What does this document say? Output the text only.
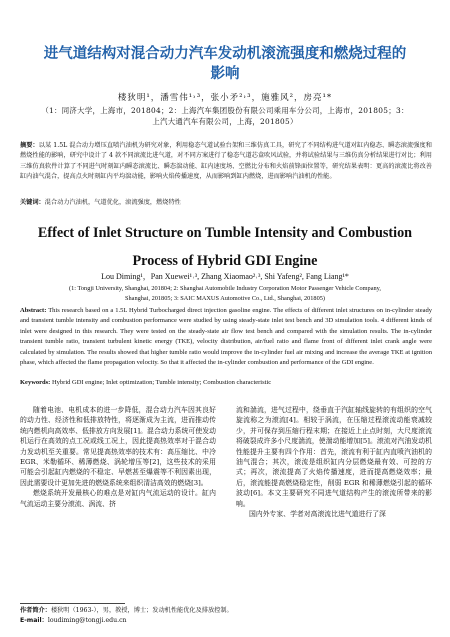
进气道结构对混合动力汽车发动机滚流强度和燃烧过程的
影响
楼狄明¹，潘雪伟¹˒³，张小矛²˒³，施雅风²，房亮¹*
（1：同济大学，上海市，201804；2：上海汽车集团股份有限公司乘用车分公司，上海市，201805；3：
上汽大通汽车有限公司，上海，201805）
摘要：以某 1.5L 混合动力增压直喷汽油机为研究对象，利用稳态气道试验台架和三维仿真工具，研究了不同结构进气道对缸内稳态、瞬态滚流强度和燃烧性能的影响，研究中设计了 4 款不同滚流比进气道，对不同方案进行了稳态气道芯盒吹风试验，并将试验结果与三维仿真分析结果进行对比；利用三维仿真软件计算了不同进气时刻缸内瞬态滚流比、瞬态湍动能、缸内速度场、空燃比分布和火焰前锋面位置等，研究结果表明：更高的滚流比将改善缸内油气混合，提高点火时刻缸内平均湍动能，影响火焰传播速度，从而影响到缸内燃烧，进而影响汽油机的性能。
关键词：混合动力汽油机，气道优化，滚流强度，燃烧特性
Effect of Inlet Structure on Tumble Intensity and Combustion
Process of Hybrid GDI Engine
Lou Diming¹，Pan Xuewei¹˒³, Zhang Xiaomao²˒³, Shi Yafeng², Fang Liang¹*
(1: Tongji University, Shanghai, 201804; 2: Shanghai Automobile Industry Corporation Motor Passenger Vehicle Company,
Shanghai, 201805; 3: SAIC MAXUS Automotive Co., Ltd., Shanghai, 201805)
Abstract: This research based on a 1.5L Hybrid Turbocharged direct injection gasoline engine. The effects of different inlet structures on in-cylinder steady and transient tumble intensity and combustion performance were studied by using steady-state inlet test bench and 3D simulation tools. 4 different kinds of inlet were designed in this research. They were tested on the steady-state air flow test bench and compared with the simulation results. The in-cylinder transient tumble ratio, transient turbulent kinetic energy (TKE), velocity distribution, air/fuel ratio and flame front of different inlet crank angle were calculated by simulation. The results showed that higher tumble ratio would improve the in-cylinder fuel air mixing and increase the average TKE at ignition phase, which affected the flame propagation velocity. So that it affected the in-cylinder combustion and performance of the GDI engine.
Keywords: Hybrid GDI engine; Inlet optimization; Tumble intensity; Combustion characteristic

随着电池、电机成本的进一步降低，混合动力汽车因其良好的动力性、经济性和低排放特性，将逐渐成为主流，进而推动传统内燃机向高效率、低排放方向发展[1]。混合动力系统可使发动机运行在高效的点工况或线工况上，因此提高热效率对于混合动力发动机至关重要。常见提高热效率的技术有：高压缩比、中冷 EGR、米勒循环、稀薄燃烧、涡轮增压等[2]，这些技术的采用可能会引起缸内燃烧的不稳定、早燃甚至爆震等不利因素出现，因此需要设计更加先进的燃烧系统来组织清洁高效的燃烧[3]。

燃烧系统开发最核心的难点是对缸内气流运动的设计。缸内气流运动主要分滚流、涡流、挤

流和湍流，进气过程中，绕垂直于汽缸轴线旋转的有组织的空气旋流称之为滚流[4]。相较于涡流，在压缩过程滚流动能衰减较少，并可保存到压缩行程末期；在接近上止点时刻，大尺度滚流将破裂成许多小尺度湍流，使湍动能增加[5]。滚流对汽油发动机性能提升主要有四个作用：首先，滚流有利于缸内直喷汽油机的油气混合；其次，滚流是组织缸内分层燃烧最有效、可控的方式；再次，滚流提高了火焰传播速度，进而提高燃烧效率；最后，滚流能提高燃烧稳定性，削弱 EGR 和稀薄燃烧引起的循环波动[6]。本文主要研究不同进气道结构产生的滚流所带来的影响。

国内外专家、学者对高滚流比进气道进行了深

作者简介：楼狄明（1963-），男，教授，博士；发动机性能优化及排放控制。
E-mail：loudiming@tongji.edu.cn
